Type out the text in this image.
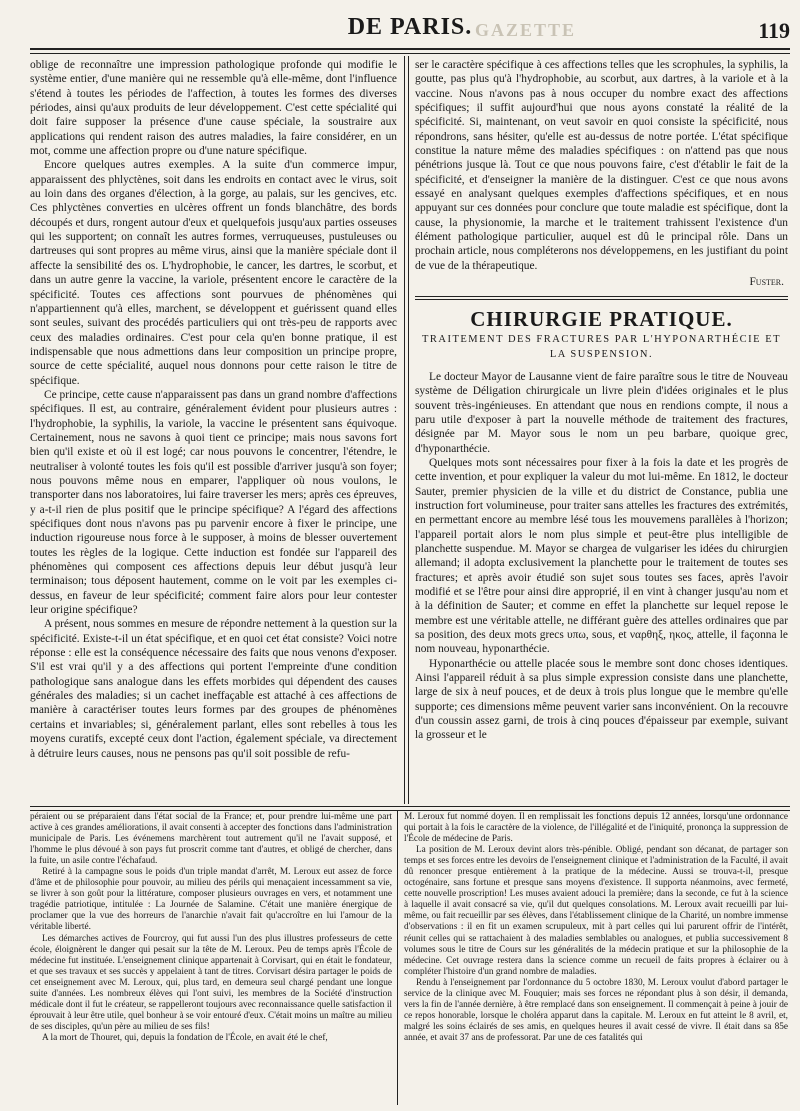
GAZETTE
DE PARIS.	119

oblige de reconnaître une impression pathologique profonde qui modifie le système entier, d'une manière qui ne ressemble qu'à elle-même, dont l'influence s'étend à toutes les périodes de l'affection, à toutes les formes des diverses périodes, ainsi qu'aux produits de leur développement. C'est cette spécialité qui doit faire supposer la présence d'une cause spéciale, la soustraire aux applications qui rendent raison des autres maladies, la faire considérer, en un mot, comme une affection propre ou d'une nature spécifique.

Encore quelques autres exemples. A la suite d'un commerce impur, apparaissent des phlyctènes, soit dans les endroits en contact avec le virus, soit au loin dans des organes d'élection, à la gorge, au palais, sur les gencives, etc. Ces phlyctènes converties en ulcères offrent un fonds blanchâtre, des bords découpés et durs, rongent autour d'eux et quelquefois jusqu'aux parties osseuses qui les supportent; on connaît les autres formes, verruqueuses, pustuleuses ou dartreuses qui sont propres au même virus, ainsi que la manière spéciale dont il affecte la sensibilité des os. L'hydrophobie, le cancer, les dartres, le scorbut, et dans un autre genre la vaccine, la variole, présentent encore le caractère de la spécificité. Toutes ces affections sont pourvues de phénomènes qui n'appartiennent qu'à elles, marchent, se développent et guérissent quand elles sont seules, suivant des procédés particuliers qui ont très-peu de rapports avec ceux des maladies ordinaires. C'est pour cela qu'en bonne pratique, il est indispensable que nous admettions dans leur composition un principe propre, source de cette spécialité, auquel nous donnons pour cette raison le titre de spécifique.

Ce principe, cette cause n'apparaissent pas dans un grand nombre d'affections spécifiques. Il est, au contraire, généralement évident pour plusieurs autres : l'hydrophobie, la syphilis, la variole, la vaccine le présentent sans équivoque. Certainement, nous ne savons à quoi tient ce principe; mais nous savons fort bien qu'il existe et où il est logé; car nous pouvons le concentrer, l'étendre, le neutraliser à volonté toutes les fois qu'il est possible d'arriver jusqu'à son foyer; nous pouvons même nous en emparer, l'appliquer où nous voulons, le transporter dans nos laboratoires, lui faire traverser les mers; après ces épreuves, y a-t-il rien de plus positif que le principe spécifique? A l'égard des affections spécifiques dont nous n'avons pas pu parvenir encore à fixer le principe, une induction rigoureuse nous force à le supposer, à moins de blesser ouvertement toutes les règles de la logique. Cette induction est fondée sur l'appareil des phénomènes qui composent ces affections depuis leur début jusqu'à leur terminaison; tous déposent hautement, comme on le voit par les exemples ci-dessus, en faveur de leur spécificité; comment faire alors pour leur contester leur origine spécifique?

A présent, nous sommes en mesure de répondre nettement à la question sur la spécificité. Existe-t-il un état spécifique, et en quoi cet état consiste? Voici notre réponse : elle est la conséquence nécessaire des faits que nous venons d'exposer. S'il est vrai qu'il y a des affections qui portent l'empreinte d'une condition pathologique sans analogue dans les effets morbides qui dépendent des causes générales des maladies; si un cachet ineffaçable est attaché à ces affections de manière à caractériser toutes leurs formes par des groupes de phénomènes certains et invariables; si, généralement parlant, elles sont rebelles à tous les moyens curatifs, excepté ceux dont l'action, également spéciale, va directement à détruire leurs causes, nous ne pensons pas qu'il soit possible de refu-

ser le caractère spécifique à ces affections telles que les scrophules, la syphilis, la goutte, pas plus qu'à l'hydrophobie, au scorbut, aux dartres, à la variole et à la vaccine. Nous n'avons pas à nous occuper du nombre exact des affections spécifiques; il suffit aujourd'hui que nous ayons constaté la réalité de la spécificité. Si, maintenant, on veut savoir en quoi consiste la spécificité, nous répondrons, sans hésiter, qu'elle est au-dessus de notre portée. L'état spécifique constitue la nature même des maladies spécifiques : on n'attend pas que nous pénétrions jusque là. Tout ce que nous pouvons faire, c'est d'établir le fait de la spécificité, et d'enseigner la manière de la distinguer. C'est ce que nous avons essayé en analysant quelques exemples d'affections spécifiques, et en nous appuyant sur ces données pour conclure que toute maladie est spécifique, dont la cause, la physionomie, la marche et le traitement trahissent l'existence d'un élément pathologique particulier, auquel est dû le principal rôle. Dans un prochain article, nous compléterons nos développemens, en les justifiant du point de vue de la thérapeutique.

Fuster.
CHIRURGIE PRATIQUE.
TRAITEMENT DES FRACTURES PAR L'HYPONARTHÉCIE ET LA SUSPENSION.

Le docteur Mayor de Lausanne vient de faire paraître sous le titre de Nouveau système de Déligation chirurgicale un livre plein d'idées originales et le plus souvent très-ingénieuses. En attendant que nous en rendions compte, il nous a paru utile d'exposer à part la nouvelle méthode de traitement des fractures, désignée par M. Mayor sous le nom un peu barbare, quoique grec, d'hyponarthécie.

Quelques mots sont nécessaires pour fixer à la fois la date et les progrès de cette invention, et pour expliquer la valeur du mot lui-même. En 1812, le docteur Sauter, premier physicien de la ville et du district de Constance, publia une instruction fort volumineuse, pour traiter sans attelles les fractures des extrémités, en permettant encore au membre lésé tous les mouvemens parallèles à l'horizon; l'appareil portait alors le nom plus simple et peut-être plus intelligible de planchette suspendue. M. Mayor se chargea de vulgariser les idées du chirurgien allemand; il adopta exclusivement la planchette pour le traitement de toutes ses fractures; et après avoir étudié son sujet sous toutes ses faces, après l'avoir modifié et se l'être pour ainsi dire approprié, il en vint à changer jusqu'au nom et à la définition de Sauter; et comme en effet la planchette sur lequel repose le membre est une véritable attelle, ne différant guère des attelles ordinaires que par sa position, des deux mots grecs υπω, sous, et ναρθηξ, ηκος, attelle, il façonna le nom nouveau, hyponarthécie.

Hyponarthécie ou attelle placée sous le membre sont donc choses identiques. Ainsi l'appareil réduit à sa plus simple expression consiste dans une planchette, large de six à neuf pouces, et de deux à trois plus longue que le membre qu'elle supporte; ces dimensions même peuvent varier sans inconvénient. On la recouvre d'un coussin assez garni, de trois à cinq pouces d'épaisseur par exemple, suivant la grosseur et le

péraient ou se préparaient dans l'état social de la France; et, pour prendre lui-même une part active à ces grandes améliorations, il avait consenti à accepter des fonctions dans l'administration municipale de Paris. Les événemens marchèrent tout autrement qu'il ne l'avait supposé, et l'homme le plus dévoué à son pays fut proscrit comme tant d'autres, et obligé de chercher, dans la fuite, un asile contre l'échafaud.

Retiré à la campagne sous le poids d'un triple mandat d'arrêt, M. Leroux eut assez de force d'âme et de philosophie pour pouvoir, au milieu des périls qui menaçaient incessamment sa vie, se livrer à son goût pour la littérature, composer plusieurs ouvrages en vers, et notamment une tragédie patriotique, intitulée : La Journée de Salamine. C'était une manière énergique de proclamer que la vue des horreurs de l'anarchie n'avait fait qu'accroître en lui l'amour de la véritable liberté.

Les démarches actives de Fourcroy, qui fut aussi l'un des plus illustres professeurs de cette école, éloignèrent le danger qui pesait sur la tête de M. Leroux. Peu de temps après l'École de médecine fut instituée. L'enseignement clinique appartenait à Corvisart, qui en était le fondateur, et que ses travaux et ses succès y appelaient à tant de titres. Corvisart désira partager le poids de cet enseignement avec M. Leroux, qui, plus tard, en demeura seul chargé pendant une longue suite d'années. Les nombreux élèves qui l'ont suivi, les membres de la Société d'instruction médicale dont il fut le créateur, se rappelleront toujours avec reconnaissance quelle satisfaction il éprouvait à leur être utile, quel bonheur à se voir entouré d'eux. C'était moins un maître au milieu de ses disciples, qu'un père au milieu de ses fils!

A la mort de Thouret, qui, depuis la fondation de l'École, en avait été le chef,

M. Leroux fut nommé doyen. Il en remplissait les fonctions depuis 12 années, lorsqu'une ordonnance qui portait à la fois le caractère de la violence, de l'illégalité et de l'iniquité, prononça la suppression de l'École de médecine de Paris.

La position de M. Leroux devint alors très-pénible. Obligé, pendant son décanat, de partager son temps et ses forces entre les devoirs de l'enseignement clinique et l'administration de la Faculté, il avait dû renoncer presque entièrement à la pratique de la médecine. Aussi se trouva-t-il, presque octogénaire, sans fortune et presque sans moyens d'existence. Il supporta néanmoins, avec fermeté, cette nouvelle proscription! Les muses avaient adouci la première; dans la seconde, ce fut à la science à laquelle il avait consacré sa vie, qu'il dut quelques consolations. M. Leroux avait recueilli par lui-même, ou fait recueillir par ses élèves, dans l'établissement clinique de la Charité, un nombre immense d'observations : il en fit un examen scrupuleux, mit à part celles qui lui parurent offrir de l'intérêt, réunit celles qui se rattachaient à des maladies semblables ou analogues, et publia successivement 8 volumes sous le titre de Cours sur les généralités de la médecin pratique et sur la philosophie de la médecine. Cet ouvrage restera dans la science comme un recueil de faits propres à éclairer ou à compléter l'histoire d'un grand nombre de maladies.

Rendu à l'enseignement par l'ordonnance du 5 octobre 1830, M. Leroux voulut d'abord partager le service de la clinique avec M. Fouquier; mais ses forces ne répondant plus à son désir, il demanda, vers la fin de l'année dernière, à être remplacé dans son enseignement. Il commençait à peine à jouir de ce repos honorable, lorsque le choléra apparut dans la capitale. M. Leroux en fut atteint le 8 avril, et, malgré les soins éclairés de ses amis, en quelques heures il avait cessé de vivre. Il était dans sa 85e année, et avait 37 ans de professorat. Par une de ces fatalités qui
